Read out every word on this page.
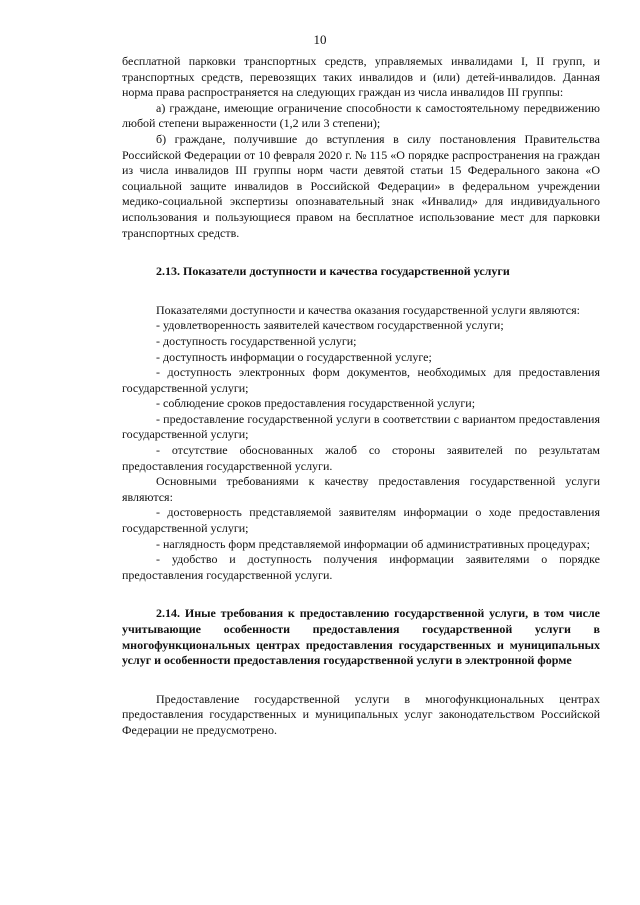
10

бесплатной парковки транспортных средств, управляемых инвалидами I, II групп, и транспортных средств, перевозящих таких инвалидов и (или) детей-инвалидов. Данная норма права распространяется на следующих граждан из числа инвалидов III группы:

а) граждане, имеющие ограничение способности к самостоятельному передвижению любой степени выраженности (1,2 или 3 степени);

б) граждане, получившие до вступления в силу постановления Правительства Российской Федерации от 10 февраля 2020 г. № 115 «О порядке распространения на граждан из числа инвалидов III группы норм части девятой статьи 15 Федерального закона «О социальной защите инвалидов в Российской Федерации» в федеральном учреждении медико-социальной экспертизы опознавательный знак «Инвалид» для индивидуального использования и пользующиеся правом на бесплатное использование мест для парковки транспортных средств.

2.13. Показатели доступности и качества государственной услуги

Показателями доступности и качества оказания государственной услуги являются:

- удовлетворенность заявителей качеством государственной услуги;
- доступность государственной услуги;
- доступность информации о государственной услуге;
- доступность электронных форм документов, необходимых для предоставления государственной услуги;
- соблюдение сроков предоставления государственной услуги;
- предоставление государственной услуги в соответствии с вариантом предоставления государственной услуги;
- отсутствие обоснованных жалоб со стороны заявителей по результатам предоставления государственной услуги.

Основными требованиями к качеству предоставления государственной услуги являются:

- достоверность представляемой заявителям информации о ходе предоставления государственной услуги;
- наглядность форм представляемой информации об административных процедурах;
- удобство и доступность получения информации заявителями о порядке предоставления государственной услуги.

2.14. Иные требования к предоставлению государственной услуги, в том числе учитывающие особенности предоставления государственной услуги в многофункциональных центрах предоставления государственных и муниципальных услуг и особенности предоставления государственной услуги в электронной форме

Предоставление государственной услуги в многофункциональных центрах предоставления государственных и муниципальных услуг законодательством Российской Федерации не предусмотрено.
